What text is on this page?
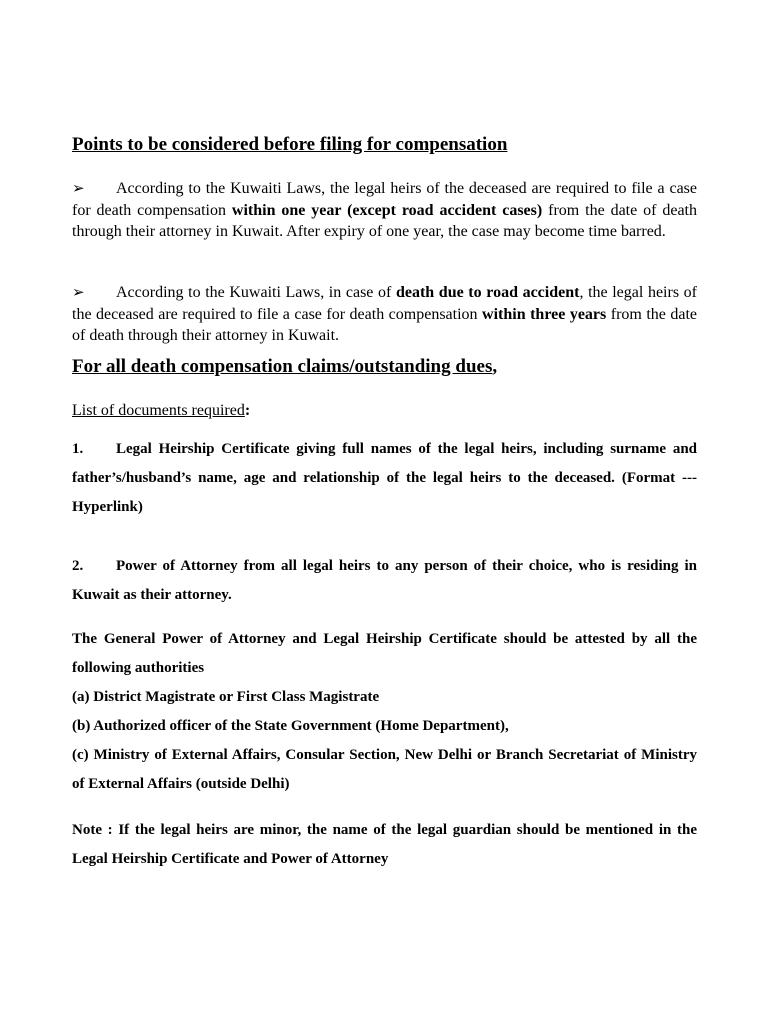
Points to be considered before filing for compensation

➢ According to the Kuwaiti Laws, the legal heirs of the deceased are required to file a case for death compensation within one year (except road accident cases) from the date of death through their attorney in Kuwait. After expiry of one year, the case may become time barred.

➢ According to the Kuwaiti Laws, in case of death due to road accident, the legal heirs of the deceased are required to file a case for death compensation within three years from the date of death through their attorney in Kuwait.

For all death compensation claims/outstanding dues,

List of documents required:

1. Legal Heirship Certificate giving full names of the legal heirs, including surname and father’s/husband’s name, age and relationship of the legal heirs to the deceased. (Format ---Hyperlink)

2. Power of Attorney from all legal heirs to any person of their choice, who is residing in Kuwait as their attorney.

The General Power of Attorney and Legal Heirship Certificate should be attested by all the following authorities
(a) District Magistrate or First Class Magistrate
(b) Authorized officer of the State Government (Home Department),
(c) Ministry of External Affairs, Consular Section, New Delhi or Branch Secretariat of Ministry of External Affairs (outside Delhi)

Note : If the legal heirs are minor, the name of the legal guardian should be mentioned in the Legal Heirship Certificate and Power of Attorney
